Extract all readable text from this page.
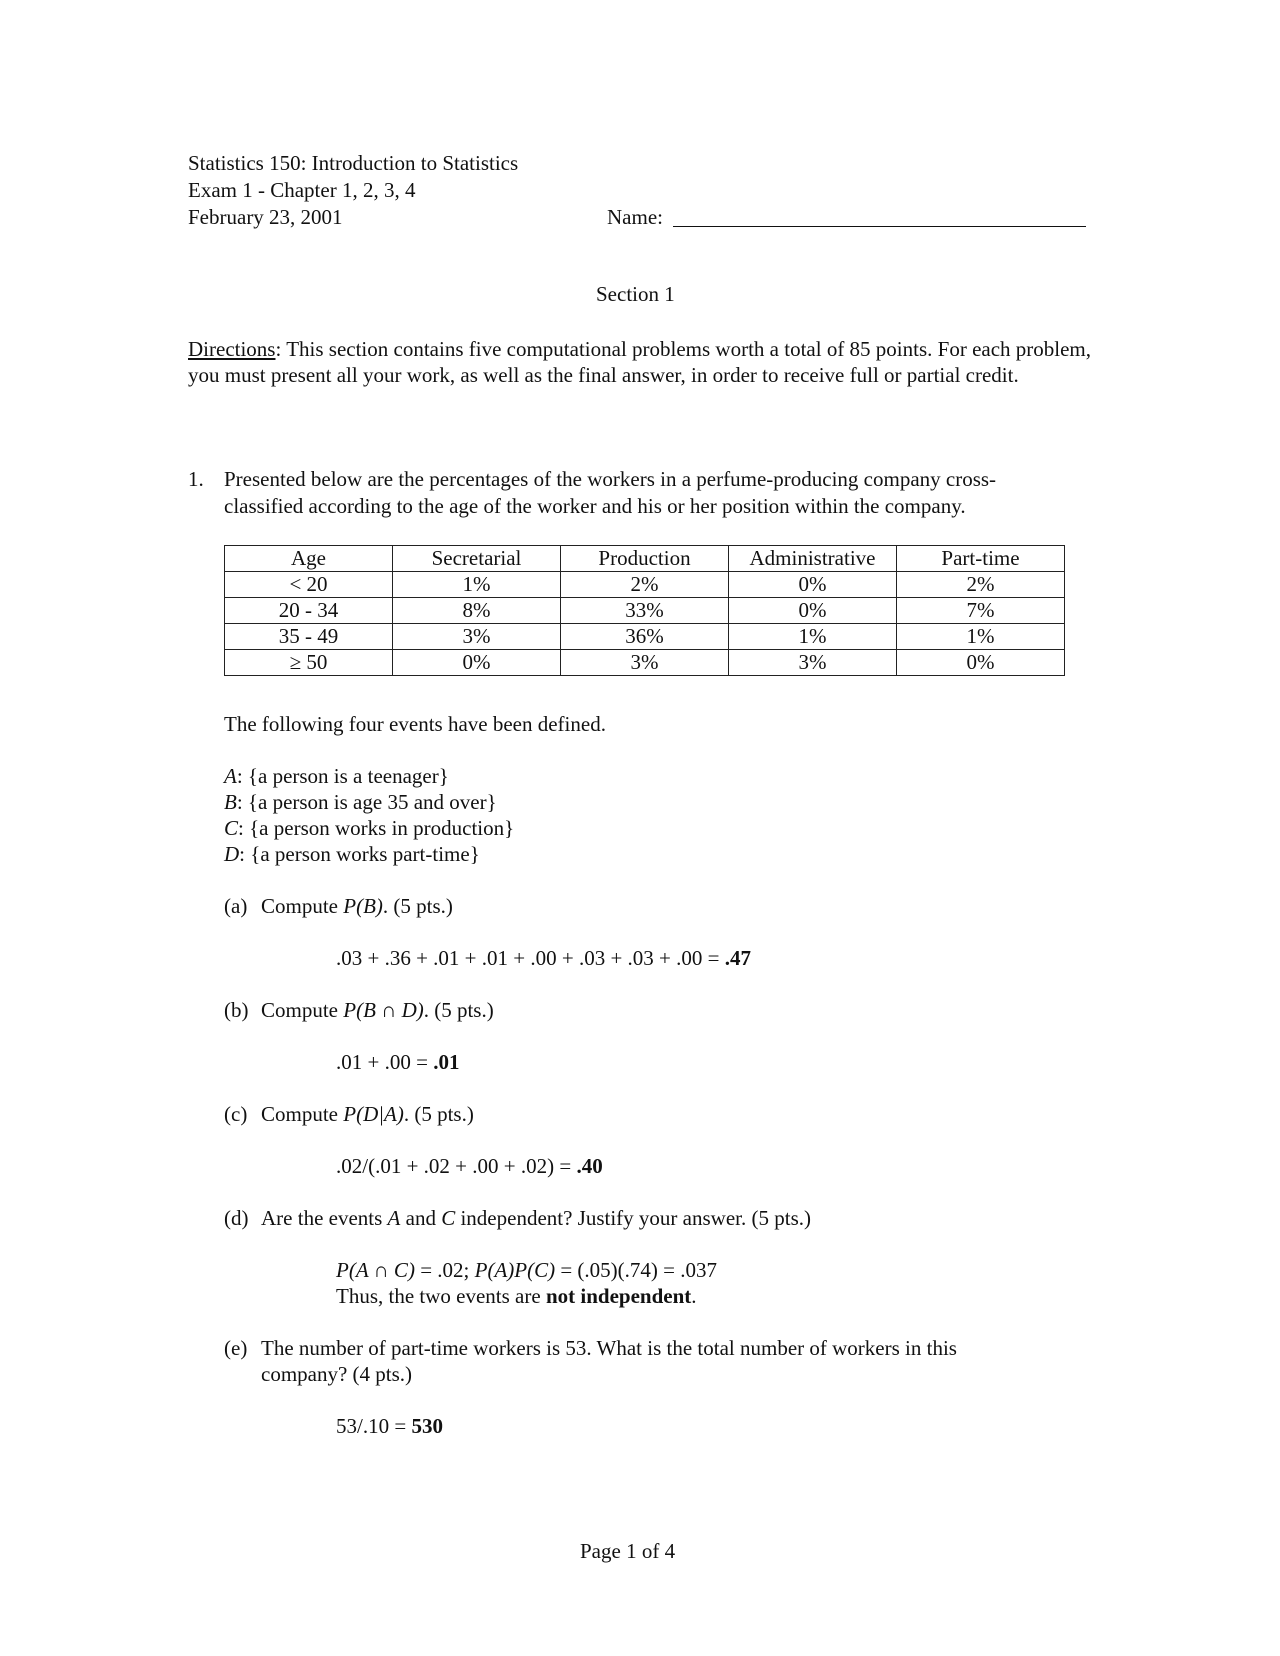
Statistics 150: Introduction to Statistics
Exam 1 - Chapter 1, 2, 3, 4
February 23, 2001	Name:
Section 1
Directions: This section contains five computational problems worth a total of 85 points. For each problem, you must present all your work, as well as the final answer, in order to receive full or partial credit.
1. Presented below are the percentages of the workers in a perfume-producing company cross-
classified according to the age of the worker and his or her position within the company.
Age	Secretarial	Production	Administrative	Part-time
< 20	1%	2%	0%	2%
20 - 34	8%	33%	0%	7%
35 - 49	3%	36%	1%	1%
≥ 50	0%	3%	3%	0%
The following four events have been defined.
A: {a person is a teenager}
B: {a person is age 35 and over}
C: {a person works in production}
D: {a person works part-time}
(a) Compute P(B). (5 pts.)
.03 + .36 + .01 + .01 + .00 + .03 + .03 + .00 = .47
(b) Compute P(B ∩ D). (5 pts.)
.01 + .00 = .01
(c) Compute P(D|A). (5 pts.)
.02/(.01 + .02 + .00 + .02) = .40
(d) Are the events A and C independent? Justify your answer. (5 pts.)
P(A ∩ C) = .02; P(A)P(C) = (.05)(.74) = .037
Thus, the two events are not independent.
(e) The number of part-time workers is 53. What is the total number of workers in this
company? (4 pts.)
53/.10 = 530
Page 1 of 4
